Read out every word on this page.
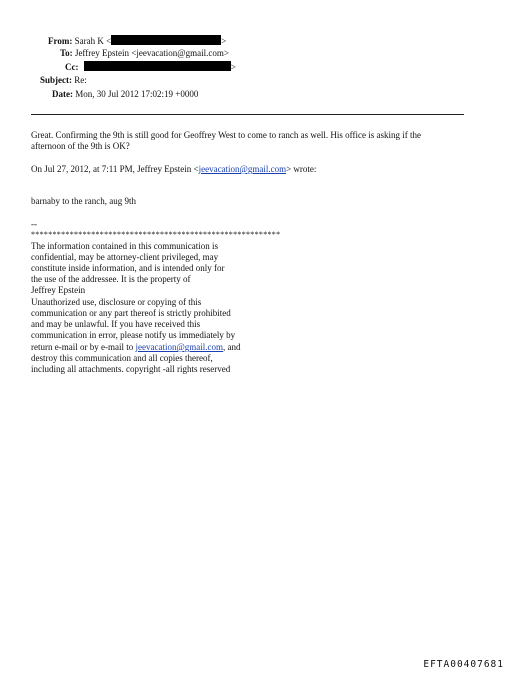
From: Sarah K <	>
To: Jeffrey Epstein <jeevacation@gmail.com>
Cc:	>
Subject: Re:
Date: Mon, 30 Jul 2012 17:02:19 +0000
Great. Confirming the 9th is still good for Geoffrey West to come to ranch as well. His office is asking if the
afternoon of the 9th is OK?
On Jul 27, 2012, at 7:11 PM, Jeffrey Epstein <jeevacation@gmail.com> wrote:
barnaby to the ranch, aug 9th
--
**********************************************************
The information contained in this communication is
confidential, may be attorney-client privileged, may
constitute inside information, and is intended only for
the use of the addressee. It is the property of
Jeffrey Epstein
Unauthorized use, disclosure or copying of this
communication or any part thereof is strictly prohibited
and may be unlawful. If you have received this
communication in error, please notify us immediately by
return e-mail or by e-mail to jeevacation@gmail.com, and
destroy this communication and all copies thereof,
including all attachments. copyright -all rights reserved
EFTA00407681
